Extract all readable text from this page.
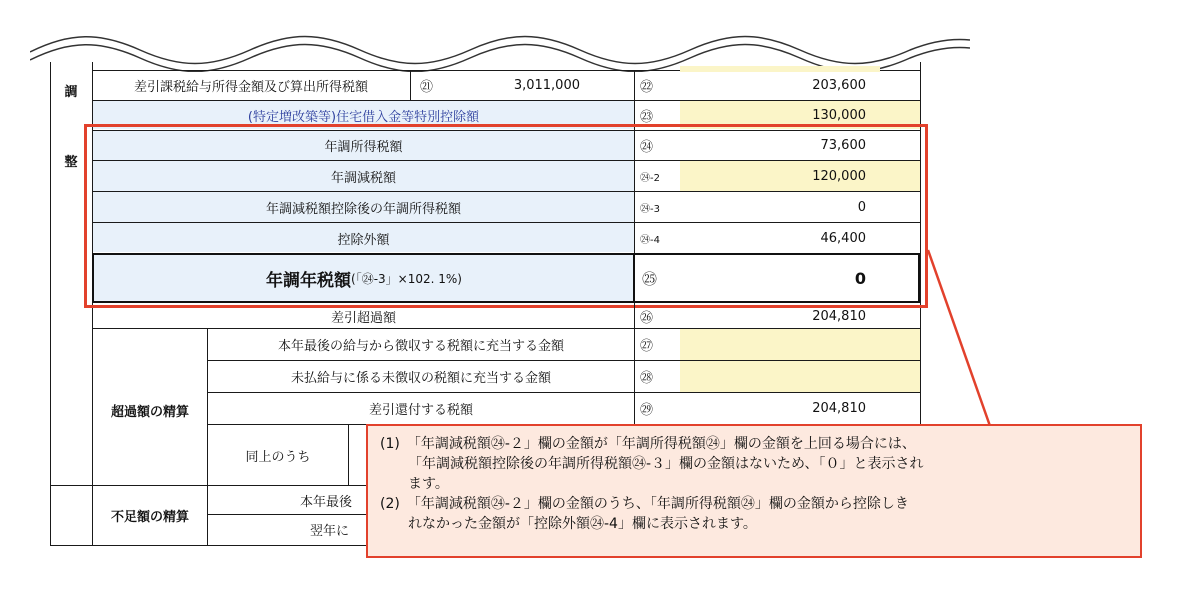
調
整
差引課税給与所得金額及び算出所得税額	㉑	3,011,000	㉒	203,600
(特定増改築等)住宅借入金等特別控除額	㉓	130,000
年調所得税額	㉔	73,600
年調減税額	㉔-2	120,000
年調減税額控除後の年調所得税額	㉔-3	0
控除外額	㉔-4	46,400
年調年税額 (「㉔-3」×102. 1%)	㉕	0
差引超過額	㉖	204,810
超過額の精算
本年最後の給与から徴収する税額に充当する金額	㉗
未払給与に係る未徴収の税額に充当する金額	㉘
差引還付する税額	㉙	204,810
同上のうち
不足額の精算
本年最後
翌年に

(1)　「年調減税額㉔-２」欄の金額が「年調所得税額㉔」欄の金額を上回る場合には、

「年調減税額控除後の年調所得税額㉔-３」欄の金額はないため、「０」と表示され

ます。

(2)　「年調減税額㉔-２」欄の金額のうち、「年調所得税額㉔」欄の金額から控除しき

れなかった金額が「控除外額㉔-4」欄に表示されます。
